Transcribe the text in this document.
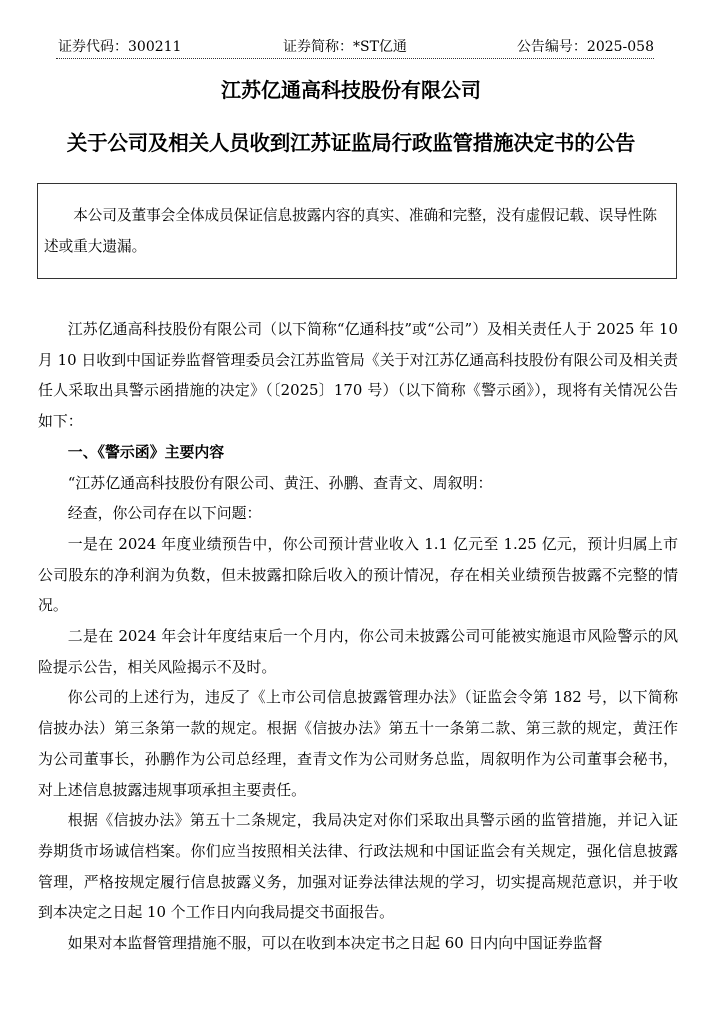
证券代码：300211	证券简称：*ST亿通	公告编号：2025-058
江苏亿通高科技股份有限公司
关于公司及相关人员收到江苏证监局行政监管措施决定书的公告

本公司及董事会全体成员保证信息披露内容的真实、准确和完整，没有虚假记载、误导性陈述或重大遗漏。

江苏亿通高科技股份有限公司（以下简称“亿通科技”或“公司”）及相关责任人于 2025 年 10 月 10 日收到中国证券监督管理委员会江苏监管局《关于对江苏亿通高科技股份有限公司及相关责任人采取出具警示函措施的决定》（〔2025〕170 号）（以下简称《警示函》），现将有关情况公告如下：

一、《警示函》主要内容

“江苏亿通高科技股份有限公司、黄汪、孙鹏、查青文、周叙明：

经查，你公司存在以下问题：

一是在 2024 年度业绩预告中，你公司预计营业收入 1.1 亿元至 1.25 亿元，预计归属上市公司股东的净利润为负数，但未披露扣除后收入的预计情况，存在相关业绩预告披露不完整的情况。

二是在 2024 年会计年度结束后一个月内，你公司未披露公司可能被实施退市风险警示的风险提示公告，相关风险揭示不及时。

你公司的上述行为，违反了《上市公司信息披露管理办法》（证监会令第 182 号，以下简称信披办法）第三条第一款的规定。根据《信披办法》第五十一条第二款、第三款的规定，黄汪作为公司董事长，孙鹏作为公司总经理，查青文作为公司财务总监，周叙明作为公司董事会秘书，对上述信息披露违规事项承担主要责任。

根据《信披办法》第五十二条规定，我局决定对你们采取出具警示函的监管措施，并记入证券期货市场诚信档案。你们应当按照相关法律、行政法规和中国证监会有关规定，强化信息披露管理，严格按规定履行信息披露义务，加强对证券法律法规的学习，切实提高规范意识，并于收到本决定之日起 10 个工作日内向我局提交书面报告。

如果对本监督管理措施不服，可以在收到本决定书之日起 60 日内向中国证券监督
